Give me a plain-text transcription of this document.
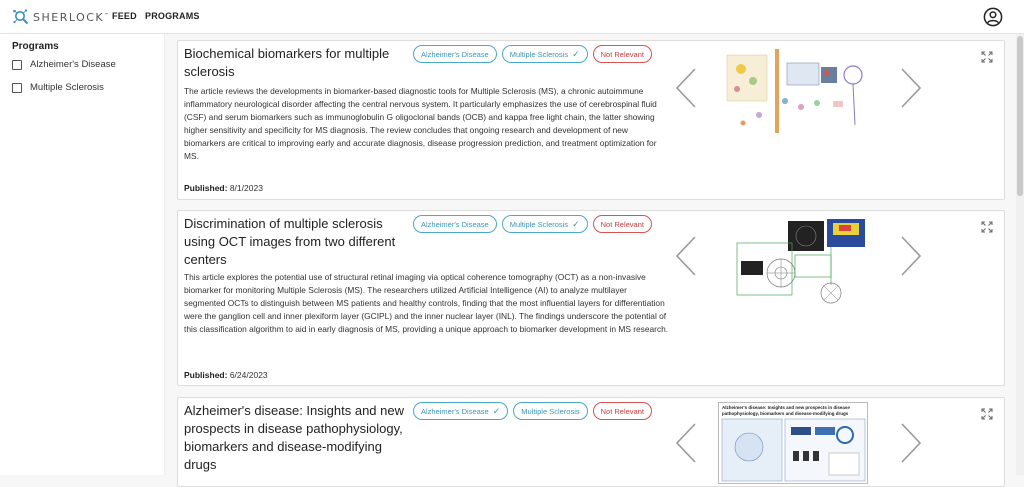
SHERLOCK™ FEED PROGRAMS
Programs
Alzheimer's Disease
Multiple Sclerosis
Biochemical biomarkers for multiple sclerosis
Alzheimer's Disease	Multiple Sclerosis ✓	Not Relevant
The article reviews the developments in biomarker-based diagnostic tools for Multiple Sclerosis (MS), a chronic autoimmune inflammatory neurological disorder affecting the central nervous system. It particularly emphasizes the use of cerebrospinal fluid (CSF) and serum biomarkers such as immunoglobulin G oligoclonal bands (OCB) and kappa free light chain, the latter showing higher sensitivity and specificity for MS diagnosis. The review concludes that ongoing research and development of new biomarkers are critical to improving early and accurate diagnosis, disease progression prediction, and treatment optimization for MS.
Published: 8/1/2023
Discrimination of multiple sclerosis using OCT images from two different centers
Alzheimer's Disease	Multiple Sclerosis ✓	Not Relevant
This article explores the potential use of structural retinal imaging via optical coherence tomography (OCT) as a non-invasive biomarker for monitoring Multiple Sclerosis (MS). The researchers utilized Artificial Intelligence (AI) to analyze multilayer segmented OCTs to distinguish between MS patients and healthy controls, finding that the most influential layers for differentiation were the ganglion cell and inner plexiform layer (GCIPL) and the inner nuclear layer (INL). The findings underscore the potential of this classification algorithm to aid in early diagnosis of MS, providing a unique approach to biomarker development in MS research.
Published: 6/24/2023
Alzheimer's disease: Insights and new prospects in disease pathophysiology, biomarkers and disease-modifying drugs
Alzheimer's Disease ✓	Multiple Sclerosis	Not Relevant	Alzheimer's disease: Insights and new prospects in disease pathophysiology, biomarkers and disease-modifying drugs
